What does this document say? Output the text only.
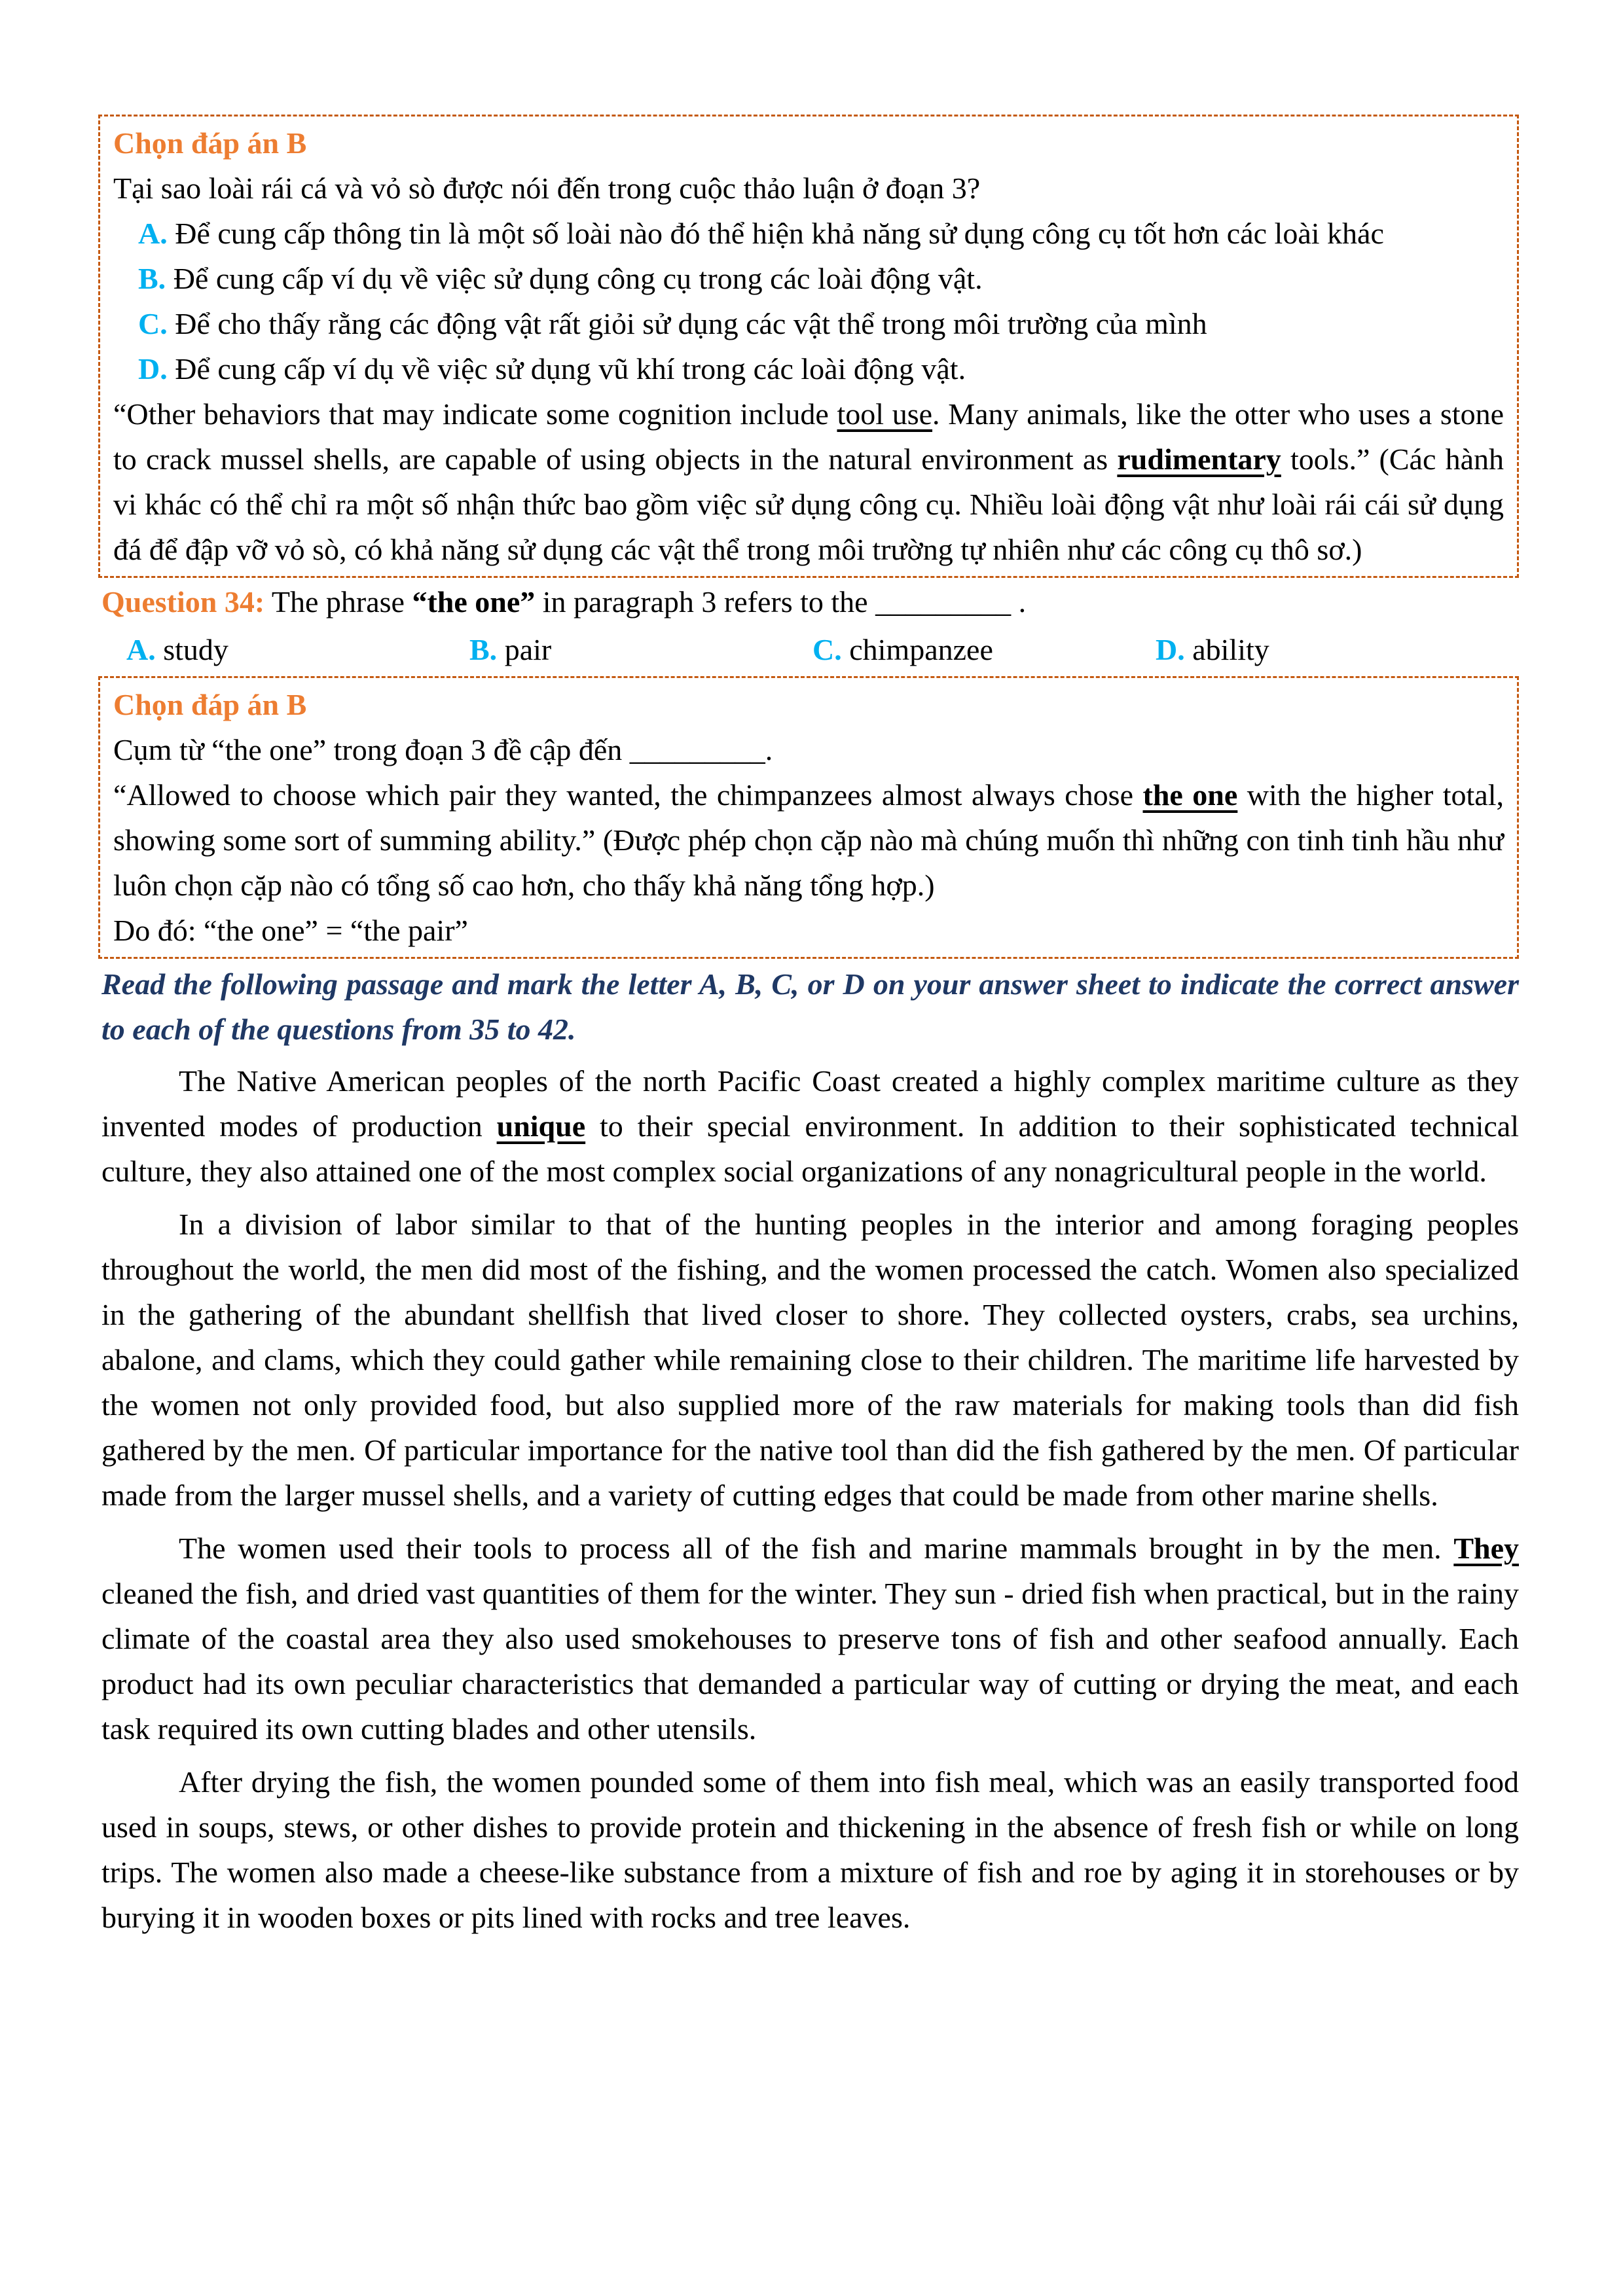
Chọn đáp án B
Tại sao loài rái cá và vỏ sò được nói đến trong cuộc thảo luận ở đoạn 3?
A. Để cung cấp thông tin là một số loài nào đó thể hiện khả năng sử dụng công cụ tốt hơn các loài khác
B. Để cung cấp ví dụ về việc sử dụng công cụ trong các loài động vật.
C. Để cho thấy rằng các động vật rất giỏi sử dụng các vật thể trong môi trường của mình
D. Để cung cấp ví dụ về việc sử dụng vũ khí trong các loài động vật.
“Other behaviors that may indicate some cognition include tool use. Many animals, like the otter who uses a stone to crack mussel shells, are capable of using objects in the natural environment as rudimentary tools.” (Các hành vi khác có thể chỉ ra một số nhận thức bao gồm việc sử dụng công cụ. Nhiều loài động vật như loài rái cái sử dụng đá để đập vỡ vỏ sò, có khả năng sử dụng các vật thể trong môi trường tự nhiên như các công cụ thô sơ.)
Question 34: The phrase “the one” in paragraph 3 refers to the _________ .
A. study	B. pair	C. chimpanzee	D. ability
Chọn đáp án B
Cụm từ “the one” trong đoạn 3 đề cập đến _________.
“Allowed to choose which pair they wanted, the chimpanzees almost always chose the one with the higher total, showing some sort of summing ability.” (Được phép chọn cặp nào mà chúng muốn thì những con tinh tinh hầu như luôn chọn cặp nào có tổng số cao hơn, cho thấy khả năng tổng hợp.)
Do đó: “the one” = “the pair”
Read the following passage and mark the letter A, B, C, or D on your answer sheet to indicate the correct answer to each of the questions from 35 to 42.
The Native American peoples of the north Pacific Coast created a highly complex maritime culture as they invented modes of production unique to their special environment. In addition to their sophisticated technical culture, they also attained one of the most complex social organizations of any nonagricultural people in the world.
In a division of labor similar to that of the hunting peoples in the interior and among foraging peoples throughout the world, the men did most of the fishing, and the women processed the catch. Women also specialized in the gathering of the abundant shellfish that lived closer to shore. They collected oysters, crabs, sea urchins, abalone, and clams, which they could gather while remaining close to their children. The maritime life harvested by the women not only provided food, but also supplied more of the raw materials for making tools than did fish gathered by the men. Of particular importance for the native tool than did the fish gathered by the men. Of particular made from the larger mussel shells, and a variety of cutting edges that could be made from other marine shells.
The women used their tools to process all of the fish and marine mammals brought in by the men. They cleaned the fish, and dried vast quantities of them for the winter. They sun - dried fish when practical, but in the rainy climate of the coastal area they also used smokehouses to preserve tons of fish and other seafood annually. Each product had its own peculiar characteristics that demanded a particular way of cutting or drying the meat, and each task required its own cutting blades and other utensils.
After drying the fish, the women pounded some of them into fish meal, which was an easily transported food used in soups, stews, or other dishes to provide protein and thickening in the absence of fresh fish or while on long trips. The women also made a cheese-like substance from a mixture of fish and roe by aging it in storehouses or by burying it in wooden boxes or pits lined with rocks and tree leaves.
